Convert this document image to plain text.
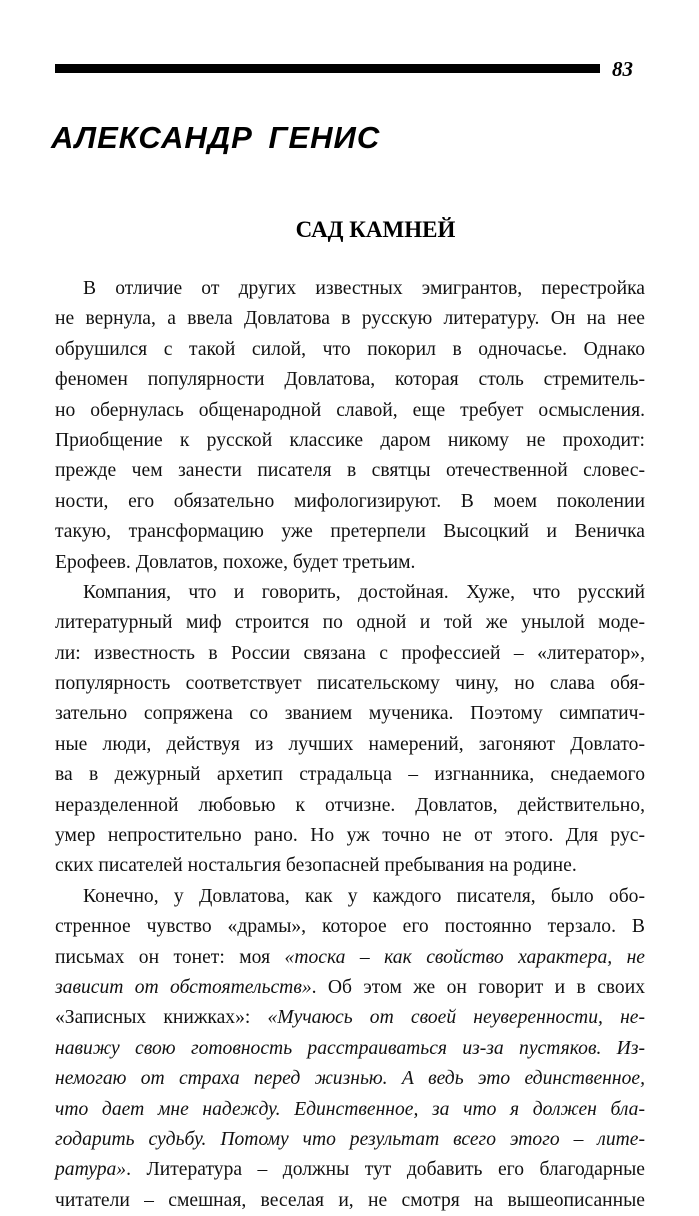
83
АЛЕКСАНДР ГЕНИС
САД КАМНЕЙ
В отличие от других известных эмигрантов, перестройка
не вернула, а ввела Довлатова в русскую литературу. Он на нее
обрушился с такой силой, что покорил в одночасье. Однако
феномен популярности Довлатова, которая столь стремитель-
но обернулась общенародной славой, еще требует осмысления.
Приобщение к русской классике даром никому не проходит:
прежде чем занести писателя в святцы отечественной словес-
ности, его обязательно мифологизируют. В моем поколении
такую, трансформацию уже претерпели Высоцкий и Веничка
Ерофеев. Довлатов, похоже, будет третьим.
Компания, что и говорить, достойная. Хуже, что русский
литературный миф строится по одной и той же унылой моде-
ли: известность в России связана с профессией – «литератор»,
популярность соответствует писательскому чину, но слава обя-
зательно сопряжена со званием мученика. Поэтому симпатич-
ные люди, действуя из лучших намерений, загоняют Довлато-
ва в дежурный архетип страдальца – изгнанника, снедаемого
неразделенной любовью к отчизне. Довлатов, действительно,
умер непростительно рано. Но уж точно не от этого. Для рус-
ских писателей ностальгия безопасней пребывания на родине.
Конечно, у Довлатова, как у каждого писателя, было обо-
стренное чувство «драмы», которое его постоянно терзало. В
письмах он тонет: моя «тоска – как свойство характера, не
зависит от обстоятельств». Об этом же он говорит и в своих
«Записных книжках»: «Мучаюсь от своей неуверенности, не-
навижу свою готовность расстраиваться из-за пустяков. Из-
немогаю от страха перед жизнью. А ведь это единственное,
что дает мне надежду. Единственное, за что я должен бла-
годарить судьбу. Потому что результат всего этого – лите-
ратура». Литература – должны тут добавить его благодарные
читатели – смешная, веселая и, не смотря на вышеописанные
